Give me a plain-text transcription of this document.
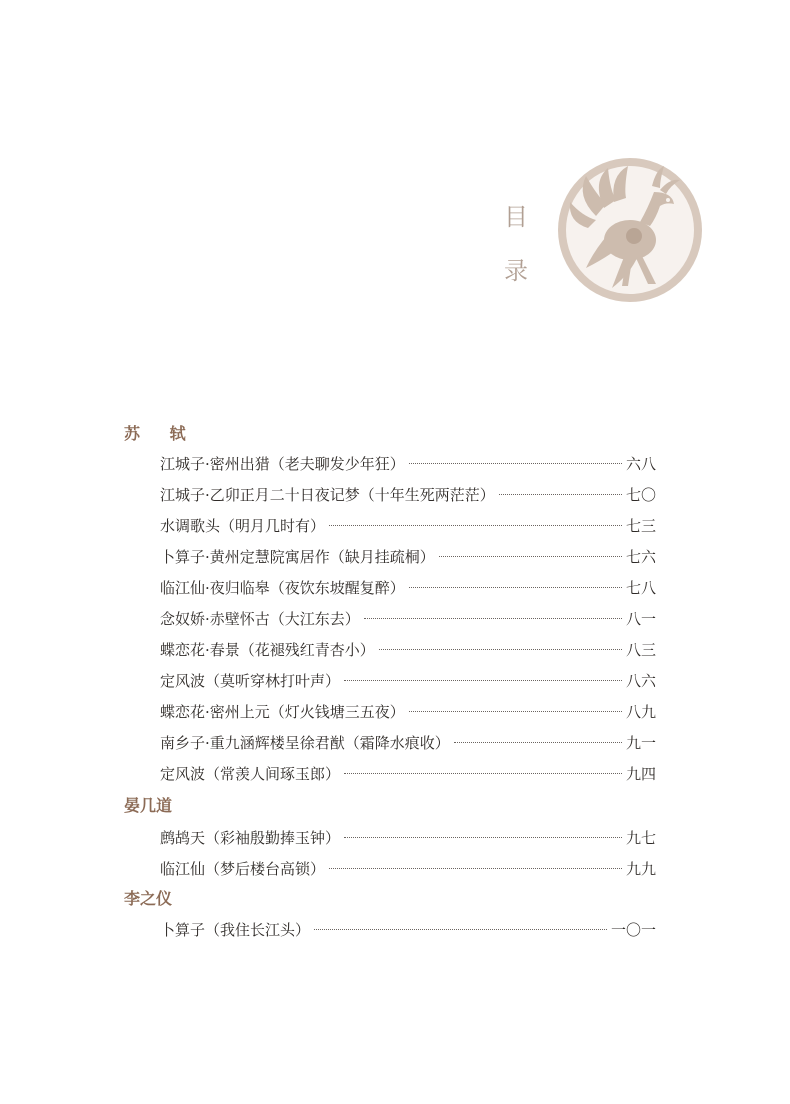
目
录
苏 轼
江城子·密州出猎（老夫聊发少年狂）	六八
江城子·乙卯正月二十日夜记梦（十年生死两茫茫）	七〇
水调歌头（明月几时有）	七三
卜算子·黄州定慧院寓居作（缺月挂疏桐）	七六
临江仙·夜归临皋（夜饮东坡醒复醉）	七八
念奴娇·赤壁怀古（大江东去）	八一
蝶恋花·春景（花褪残红青杏小）	八三
定风波（莫听穿林打叶声）	八六
蝶恋花·密州上元（灯火钱塘三五夜）	八九
南乡子·重九涵辉楼呈徐君猷（霜降水痕收）	九一
定风波（常羡人间琢玉郎）	九四
晏几道
鹧鸪天（彩袖殷勤捧玉钟）	九七
临江仙（梦后楼台高锁）	九九
李之仪
卜算子（我住长江头）	一〇一
